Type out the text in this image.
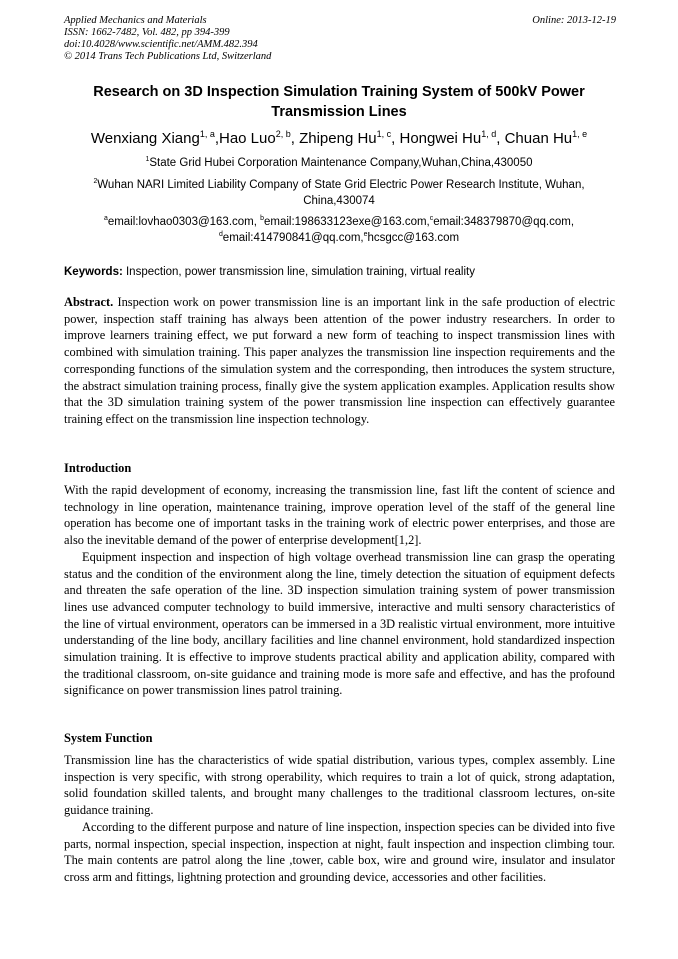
Applied Mechanics and Materials
ISSN: 1662-7482, Vol. 482, pp 394-399
doi:10.4028/www.scientific.net/AMM.482.394
© 2014 Trans Tech Publications Ltd, Switzerland
Online: 2013-12-19
Research on 3D Inspection Simulation Training System of 500kV Power
Transmission Lines
Wenxiang Xiang$^{1, a}$,Hao Luo$^{2, b}$, Zhipeng Hu$^{1, c}$, Hongwei Hu$^{1, d}$, Chuan Hu$^{1, e}$
$^1$State Grid Hubei Corporation Maintenance Company,Wuhan,China,430050
$^2$Wuhan NARI Limited Liability Company of State Grid Electric Power Research Institute, Wuhan,
China,430074
$^a$email:lovhao0303@163.com, $^b$email:198633123exe@163.com,$^c$email:348379870@qq.com,
$^d$email:414790841@qq.com,$^e$hcsgcc@163.com
Keywords: Inspection, power transmission line, simulation training, virtual reality

Abstract. Inspection work on power transmission line is an important link in the safe production of electric power, inspection staff training has always been attention of the power industry researchers. In order to improve learners training effect, we put forward a new form of teaching to inspect transmission lines with combined with simulation training. This paper analyzes the transmission line inspection requirements and the corresponding functions of the simulation system and the corresponding, then introduces the system structure, the abstract simulation training process, finally give the system application examples. Application results show that the 3D simulation training system of the power transmission line inspection can effectively guarantee training effect on the transmission line inspection technology.

Introduction

With the rapid development of economy, increasing the transmission line, fast lift the content of science and technology in line operation, maintenance training, improve operation level of the staff of the general line operation has become one of important tasks in the training work of electric power enterprises, and those are also the inevitable demand of the power of enterprise development[1,2].

Equipment inspection and inspection of high voltage overhead transmission line can grasp the operating status and the condition of the environment along the line, timely detection the situation of equipment defects and threaten the safe operation of the line. 3D inspection simulation training system of power transmission lines use advanced computer technology to build immersive, interactive and multi sensory characteristics of the line of virtual environment, operators can be immersed in a 3D realistic virtual environment, more intuitive understanding of the line body, ancillary facilities and line channel environment, hold standardized inspection simulation training. It is effective to improve students practical ability and application ability, compared with the traditional classroom, on-site guidance and training mode is more safe and effective, and has the profound significance on power transmission lines patrol training.

System Function

Transmission line has the characteristics of wide spatial distribution, various types, complex assembly. Line inspection is very specific, with strong operability, which requires to train a lot of quick, strong adaptation, solid foundation skilled talents, and brought many challenges to the traditional classroom lectures, on-site guidance training.

According to the different purpose and nature of line inspection, inspection species can be divided into five parts, normal inspection, special inspection, inspection at night, fault inspection and inspection climbing tour. The main contents are patrol along the line ,tower, cable box, wire and ground wire, insulator and insulator cross arm and fittings, lightning protection and grounding device, accessories and other facilities.
